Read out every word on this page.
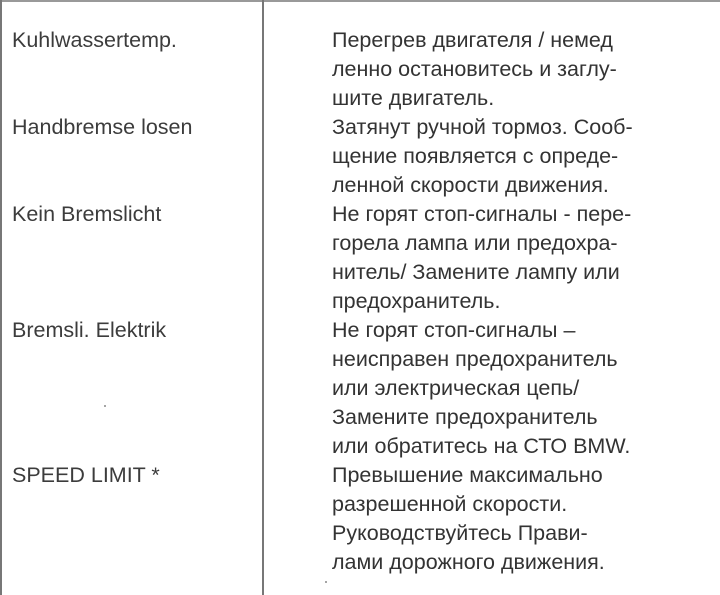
Kuhlwassertemp.	Перегрев двигателя / немед
ленно остановитесь и заглу-
шите двигатель.
Handbremse losen	Затянут ручной тормоз. Сооб-
щение появляется с опреде-
ленной скорости движения.
Kein Bremslicht	Не горят стоп-сигналы - пере-
горела лампа или предохра-
нитель/ Замените лампу или
предохранитель.
Bremsli. Elektrik	Не горят стоп-сигналы –
неисправен предохранитель
или электрическая цепь/
Замените предохранитель
или обратитесь на СТО BMW.
SPEED LIMIT *	Превышение максимально
разрешенной скорости.
Руководствуйтесь Прави-
лами дорожного движения.
